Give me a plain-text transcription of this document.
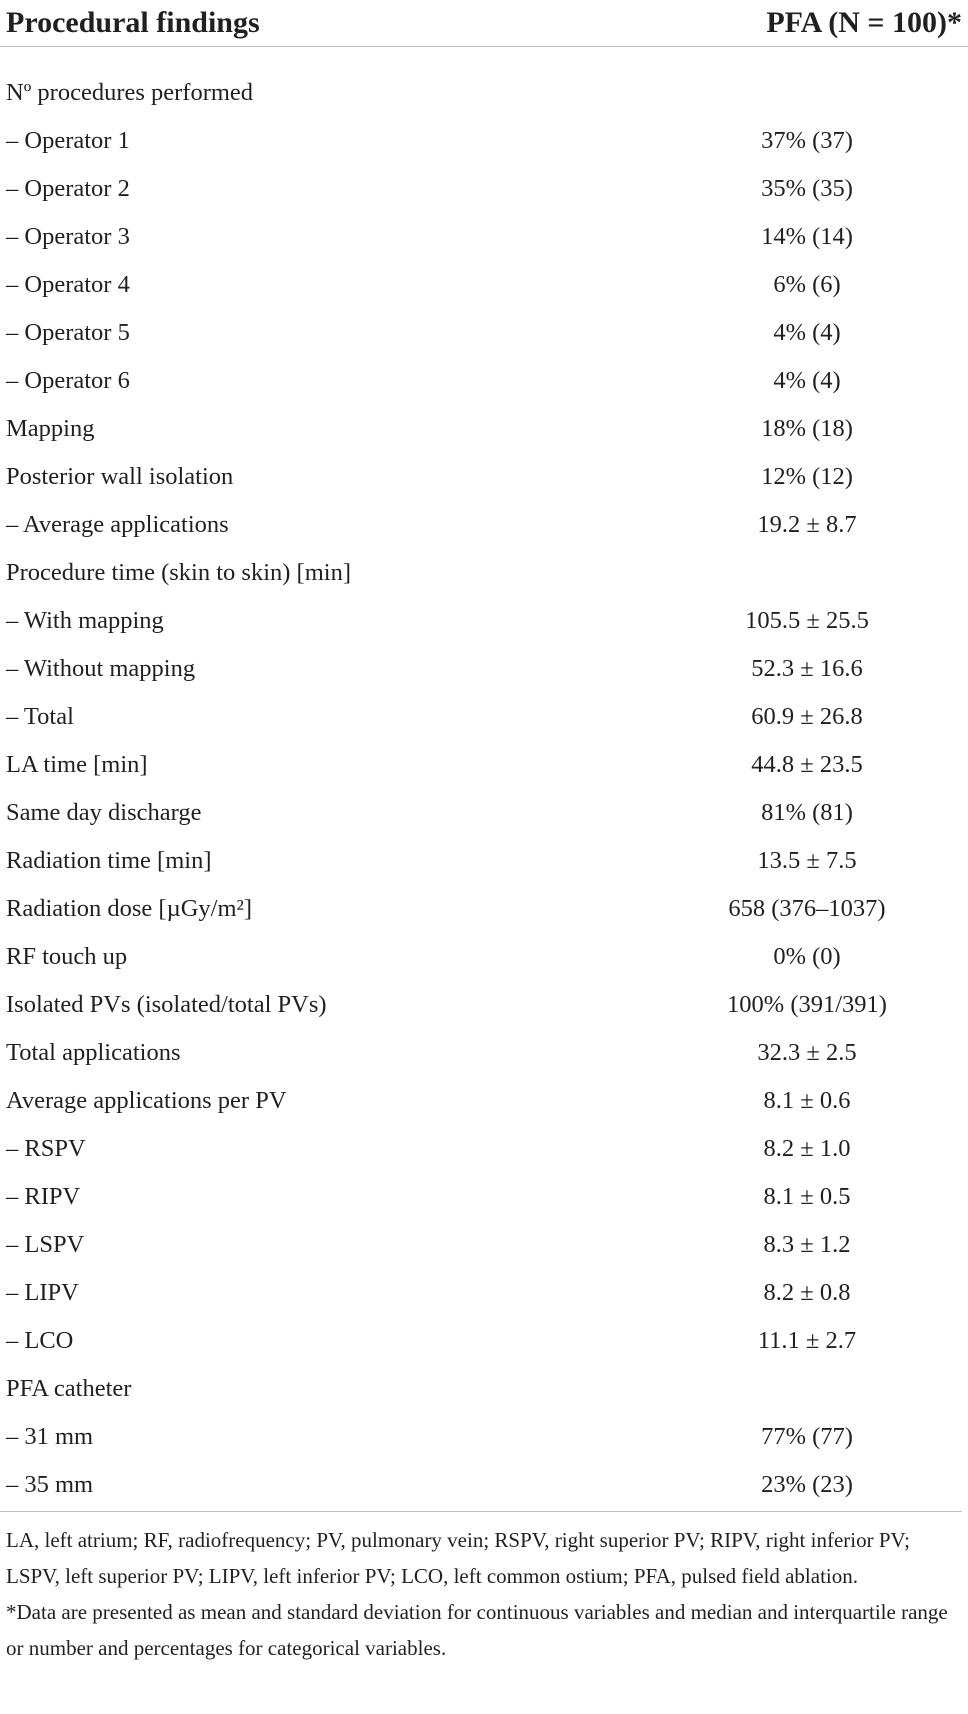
Procedural findings	PFA (N = 100)*
Nº procedures performed
– Operator 1	37% (37)
– Operator 2	35% (35)
– Operator 3	14% (14)
– Operator 4	6% (6)
– Operator 5	4% (4)
– Operator 6	4% (4)
Mapping	18% (18)
Posterior wall isolation	12% (12)
– Average applications	19.2 ± 8.7
Procedure time (skin to skin) [min]
– With mapping	105.5 ± 25.5
– Without mapping	52.3 ± 16.6
– Total	60.9 ± 26.8
LA time [min]	44.8 ± 23.5
Same day discharge	81% (81)
Radiation time [min]	13.5 ± 7.5
Radiation dose [µGy/m²]	658 (376–1037)
RF touch up	0% (0)
Isolated PVs (isolated/total PVs)	100% (391/391)
Total applications	32.3 ± 2.5
Average applications per PV	8.1 ± 0.6
– RSPV	8.2 ± 1.0
– RIPV	8.1 ± 0.5
– LSPV	8.3 ± 1.2
– LIPV	8.2 ± 0.8
– LCO	11.1 ± 2.7
PFA catheter
– 31 mm	77% (77)
– 35 mm	23% (23)

LA, left atrium; RF, radiofrequency; PV, pulmonary vein; RSPV, right superior PV; RIPV, right inferior PV; LSPV, left superior PV; LIPV, left inferior PV; LCO, left common ostium; PFA, pulsed field ablation.

*Data are presented as mean and standard deviation for continuous variables and median and interquartile range or number and percentages for categorical variables.
